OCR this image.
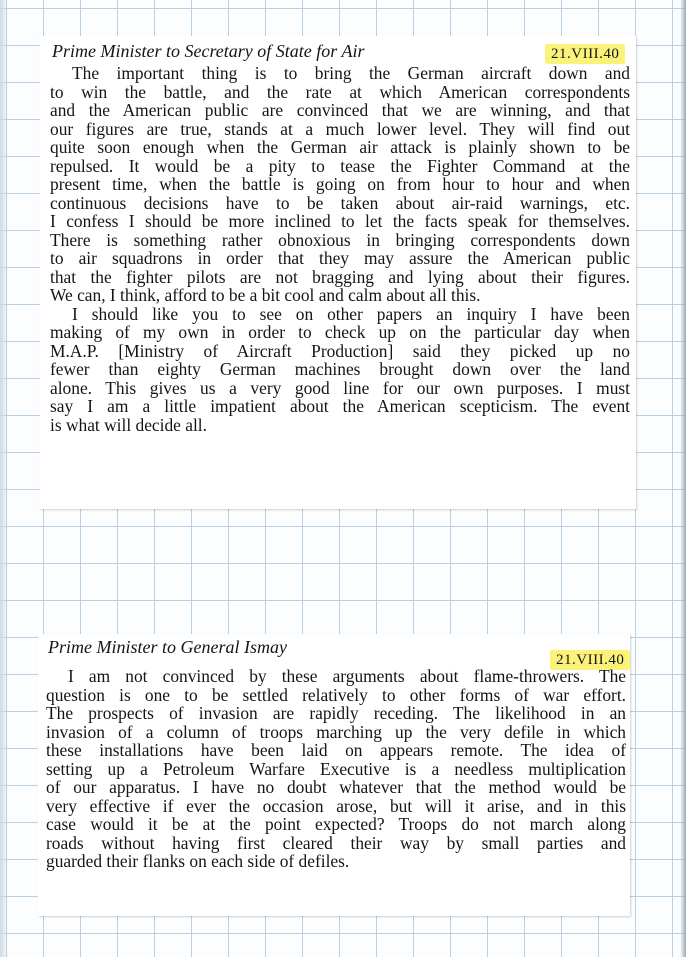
Prime Minister to Secretary of State for Air	21.VIII.40
The important thing is to bring the German aircraft down and
to win the battle, and the rate at which American correspondents
and the American public are convinced that we are winning, and that
our figures are true, stands at a much lower level. They will find out
quite soon enough when the German air attack is plainly shown to be
repulsed. It would be a pity to tease the Fighter Command at the
present time, when the battle is going on from hour to hour and when
continuous decisions have to be taken about air-raid warnings, etc.
I confess I should be more inclined to let the facts speak for themselves.
There is something rather obnoxious in bringing correspondents down
to air squadrons in order that they may assure the American public
that the fighter pilots are not bragging and lying about their figures.
We can, I think, afford to be a bit cool and calm about all this.
I should like you to see on other papers an inquiry I have been
making of my own in order to check up on the particular day when
M.A.P. [Ministry of Aircraft Production] said they picked up no
fewer than eighty German machines brought down over the land
alone. This gives us a very good line for our own purposes. I must
say I am a little impatient about the American scepticism. The event
is what will decide all.
Prime Minister to General Ismay
21.VIII.40
I am not convinced by these arguments about flame-throwers. The
question is one to be settled relatively to other forms of war effort.
The prospects of invasion are rapidly receding. The likelihood in an
invasion of a column of troops marching up the very defile in which
these installations have been laid on appears remote. The idea of
setting up a Petroleum Warfare Executive is a needless multiplication
of our apparatus. I have no doubt whatever that the method would be
very effective if ever the occasion arose, but will it arise, and in this
case would it be at the point expected? Troops do not march along
roads without having first cleared their way by small parties and
guarded their flanks on each side of defiles.
